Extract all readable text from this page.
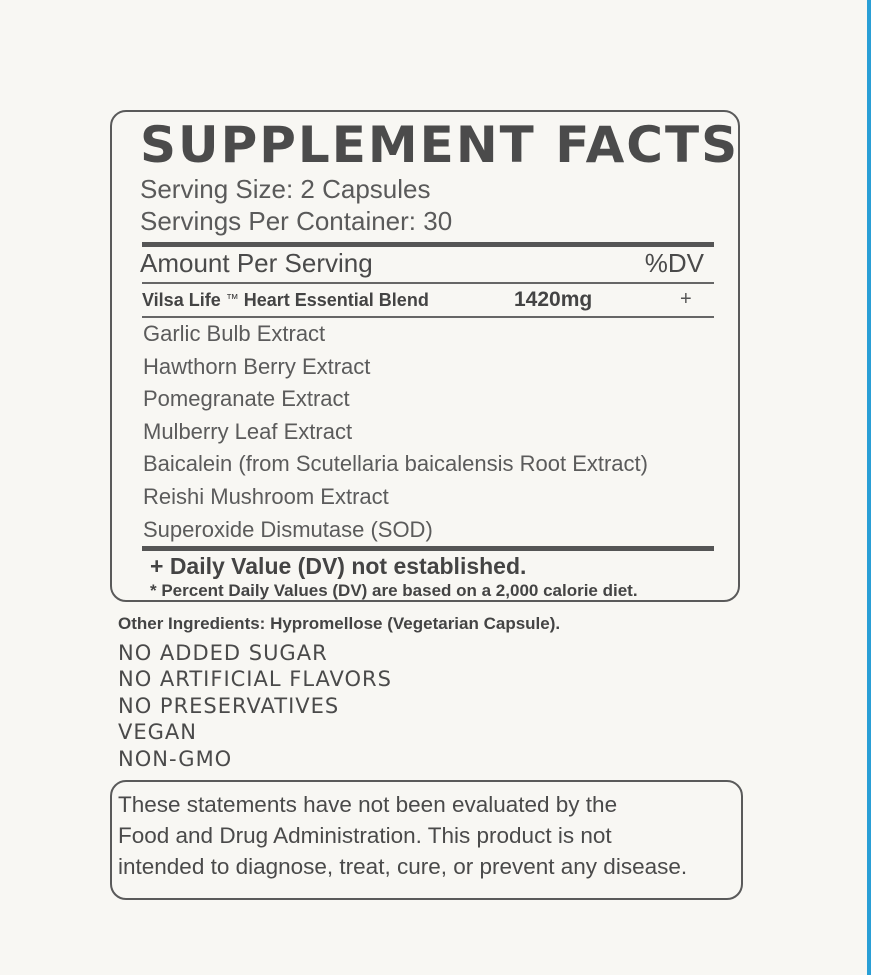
SUPPLEMENT FACTS
Serving Size: 2 Capsules
Servings Per Container: 30
Amount Per Serving	%DV
Vilsa Life ™ Heart Essential Blend	1420mg	+
Garlic Bulb Extract
Hawthorn Berry Extract
Pomegranate Extract
Mulberry Leaf Extract
Baicalein (from Scutellaria baicalensis Root Extract)
Reishi Mushroom Extract
Superoxide Dismutase (SOD)
+ Daily Value (DV) not established.
* Percent Daily Values (DV) are based on a 2,000 calorie diet.
Other Ingredients: Hypromellose (Vegetarian Capsule).
NO ADDED SUGAR
NO ARTIFICIAL FLAVORS
NO PRESERVATIVES
VEGAN
NON-GMO
These statements have not been evaluated by the
Food and Drug Administration. This product is not
intended to diagnose, treat, cure, or prevent any disease.
